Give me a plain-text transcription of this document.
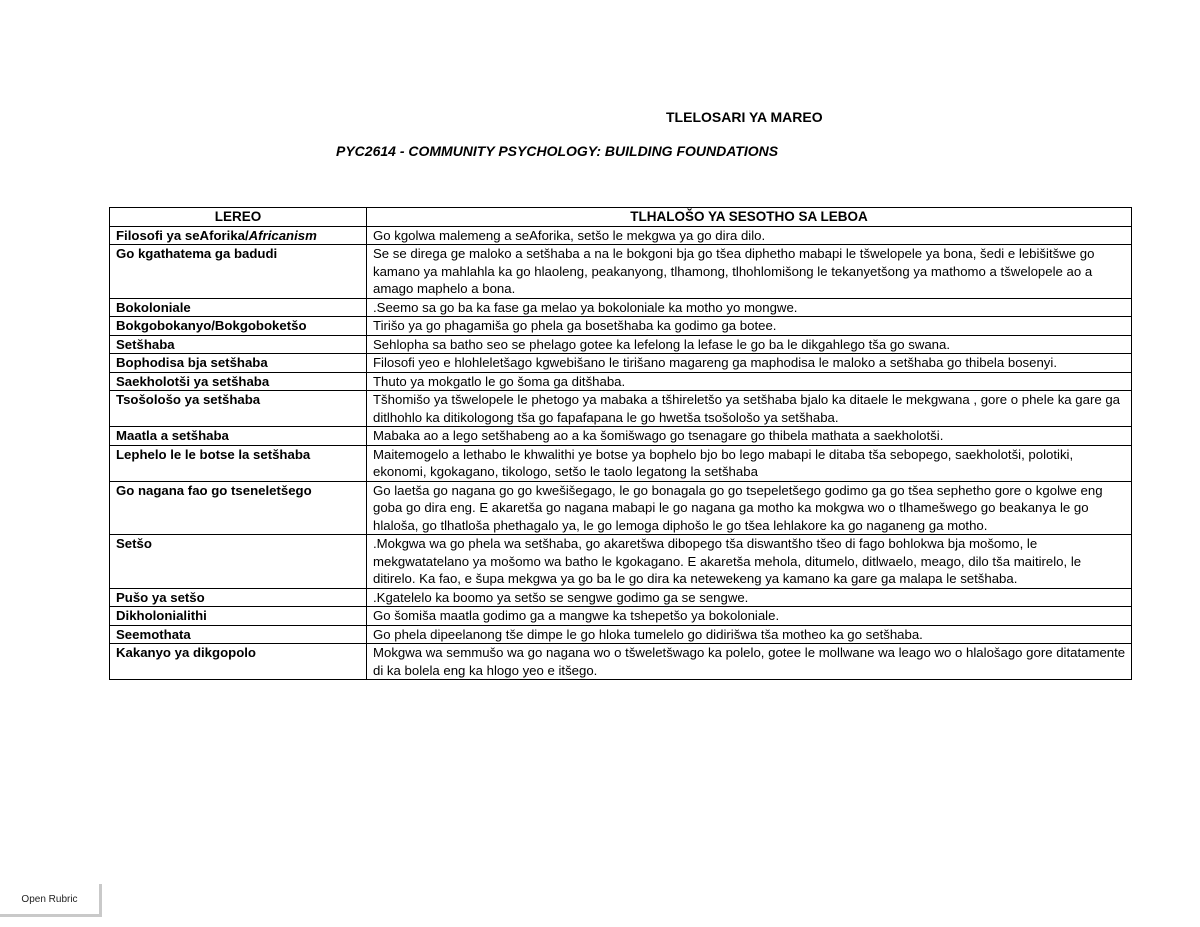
TLELOSARI YA MAREO
PYC2614 - COMMUNITY PSYCHOLOGY: BUILDING FOUNDATIONS
LEREO	TLHALOŠO YA SESOTHO SA LEBOA
Filosofi ya seAforika/Africanism	Go kgolwa malemeng a seAforika, setšo le mekgwa ya go dira dilo.
Go kgathatema ga badudi	Se se direga ge maloko a setšhaba a na le bokgoni bja go tšea diphetho mabapi le tšwelopele ya bona, šedi e lebišitšwe go kamano ya mahlahla ka go hlaoleng, peakanyong, tlhamong, tlhohlomišong le tekanyetšong ya mathomo a tšwelopele ao a amago maphelo a bona.
Bokoloniale	.Seemo sa go ba ka fase ga melao ya bokoloniale ka motho yo mongwe.
Bokgobokanyo/Bokgoboketšo	Tirišo ya go phagamiša go phela ga bosetšhaba ka godimo ga botee.
Setšhaba	Sehlopha sa batho seo se phelago gotee ka lefelong la lefase le go ba le dikgahlego tša go swana.
Bophodisa bja setšhaba	Filosofi yeo e hlohleletšago kgwebišano le tirišano magareng ga maphodisa le maloko a setšhaba go thibela bosenyi.
Saekholotši ya setšhaba	Thuto ya mokgatlo le go šoma ga ditšhaba.
Tsošološo ya setšhaba	Tšhomišo ya tšwelopele le phetogo ya mabaka a tšhireletšo ya setšhaba bjalo ka ditaele le mekgwana , gore o phele ka gare ga ditlhohlo ka ditikologong tša go fapafapana le go hwetša tsošološo ya setšhaba.
Maatla a setšhaba	Mabaka ao a lego setšhabeng ao a ka šomišwago go tsenagare go thibela mathata a saekholotši.
Lephelo le le botse la setšhaba	Maitemogelo a lethabo le khwalithi ye botse ya bophelo bjo bo lego mabapi le ditaba tša sebopego, saekholotši, polotiki, ekonomi, kgokagano, tikologo, setšo le taolo legatong la setšhaba
Go nagana fao go tseneletšego	Go laetša go nagana go go kwešišegago, le go bonagala go go tsepeletšego godimo ga go tšea sephetho gore o kgolwe eng goba go dira eng. E akaretša go nagana mabapi le go nagana ga motho ka mokgwa wo o tlhamešwego go beakanya le go hlaloša, go tlhatloša phethagalo ya, le go lemoga diphošo le go tšea lehlakore ka go naganeng ga motho.
Setšo	.Mokgwa wa go phela wa setšhaba, go akaretšwa dibopego tša diswantšho tšeo di fago bohlokwa bja mošomo, le mekgwatatelano ya mošomo wa batho le kgokagano. E akaretša mehola, ditumelo, ditlwaelo, meago, dilo tša maitirelo, le ditirelo. Ka fao, e šupa mekgwa ya go ba le go dira ka netewekeng ya kamano ka gare ga malapa le setšhaba.
Pušo ya setšo	.Kgatelelo ka boomo ya setšo se sengwe godimo ga se sengwe.
Dikholonialithi	Go šomiša maatla godimo ga a mangwe ka tshepetšo ya bokoloniale.
Seemothata	Go phela dipeelanong tše dimpe le go hloka tumelelo go didirišwa tša motheo ka go setšhaba.
Kakanyo ya dikgopolo	Mokgwa wa semmušo wa go nagana wo o tšweletšwago ka polelo, gotee le mollwane wa leago wo o hlalošago gore ditatamente di ka bolela eng ka hlogo yeo e itšego.
Open Rubric
